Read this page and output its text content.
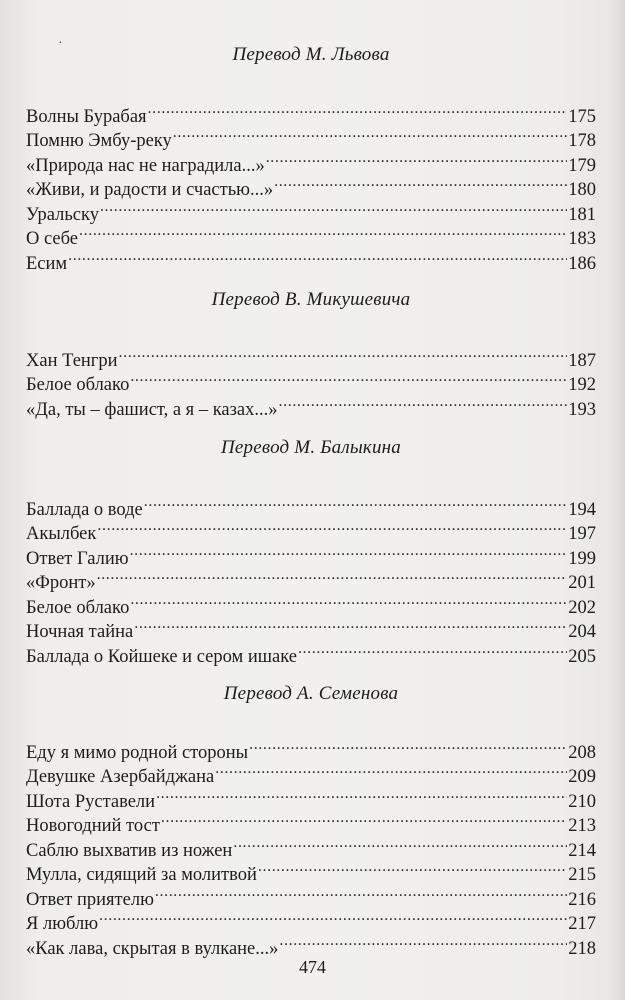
·
Перевод М. Львова
Волны Бурабая .....	175
Помню Эмбу-реку .....	178
«Природа нас не наградила...» .....	179
«Живи, и радости и счастью...» .....	180
Уральску .....	181
О себе .....	183
Есим .....	186
Перевод В. Микушевича
Хан Тенгри .....	187
Белое облако .....	192
«Да, ты – фашист, а я – казах...» .....	193
Перевод М. Балыкина
Баллада о воде .....	194
Акылбек .....	197
Ответ Галию .....	199
«Фронт» .....	201
Белое облако .....	202
Ночная тайна .....	204
Баллада о Койшеке и сером ишаке .....	205
Перевод А. Семенова
Еду я мимо родной стороны .....	208
Девушке Азербайджана .....	209
Шота Руставели .....	210
Новогодний тост .....	213
Саблю выхватив из ножен .....	214
Мулла, сидящий за молитвой .....	215
Ответ приятелю .....	216
Я люблю .....	217
«Как лава, скрытая в вулкане...» .....	218
474
